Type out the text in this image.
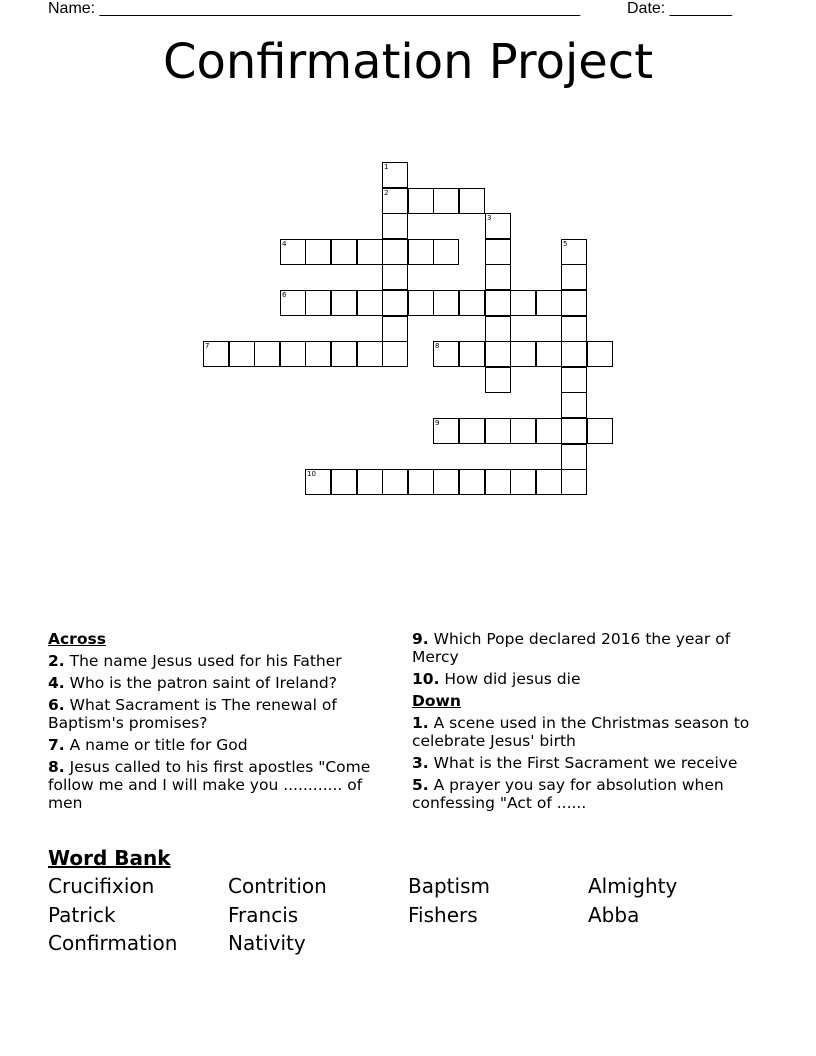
Name: ______________________________________________________	Date: _______
Confirmation Project
1
2
3
4	5
6
7	8
9
10
Across
2. The name Jesus used for his Father
4. Who is the patron saint of Ireland?
6. What Sacrament is The renewal of Baptism's promises?
7. A name or title for God
8. Jesus called to his first apostles "Come follow me and I will make you ............ of men
9. Which Pope declared 2016 the year of Mercy
10. How did jesus die
Down
1. A scene used in the Christmas season to celebrate Jesus' birth
3. What is the First Sacrament we receive
5. A prayer you say for absolution when confessing "Act of ......
Word Bank
Crucifixion	Contrition	Baptism	Almighty
Patrick	Francis	Fishers	Abba
Confirmation	Nativity
